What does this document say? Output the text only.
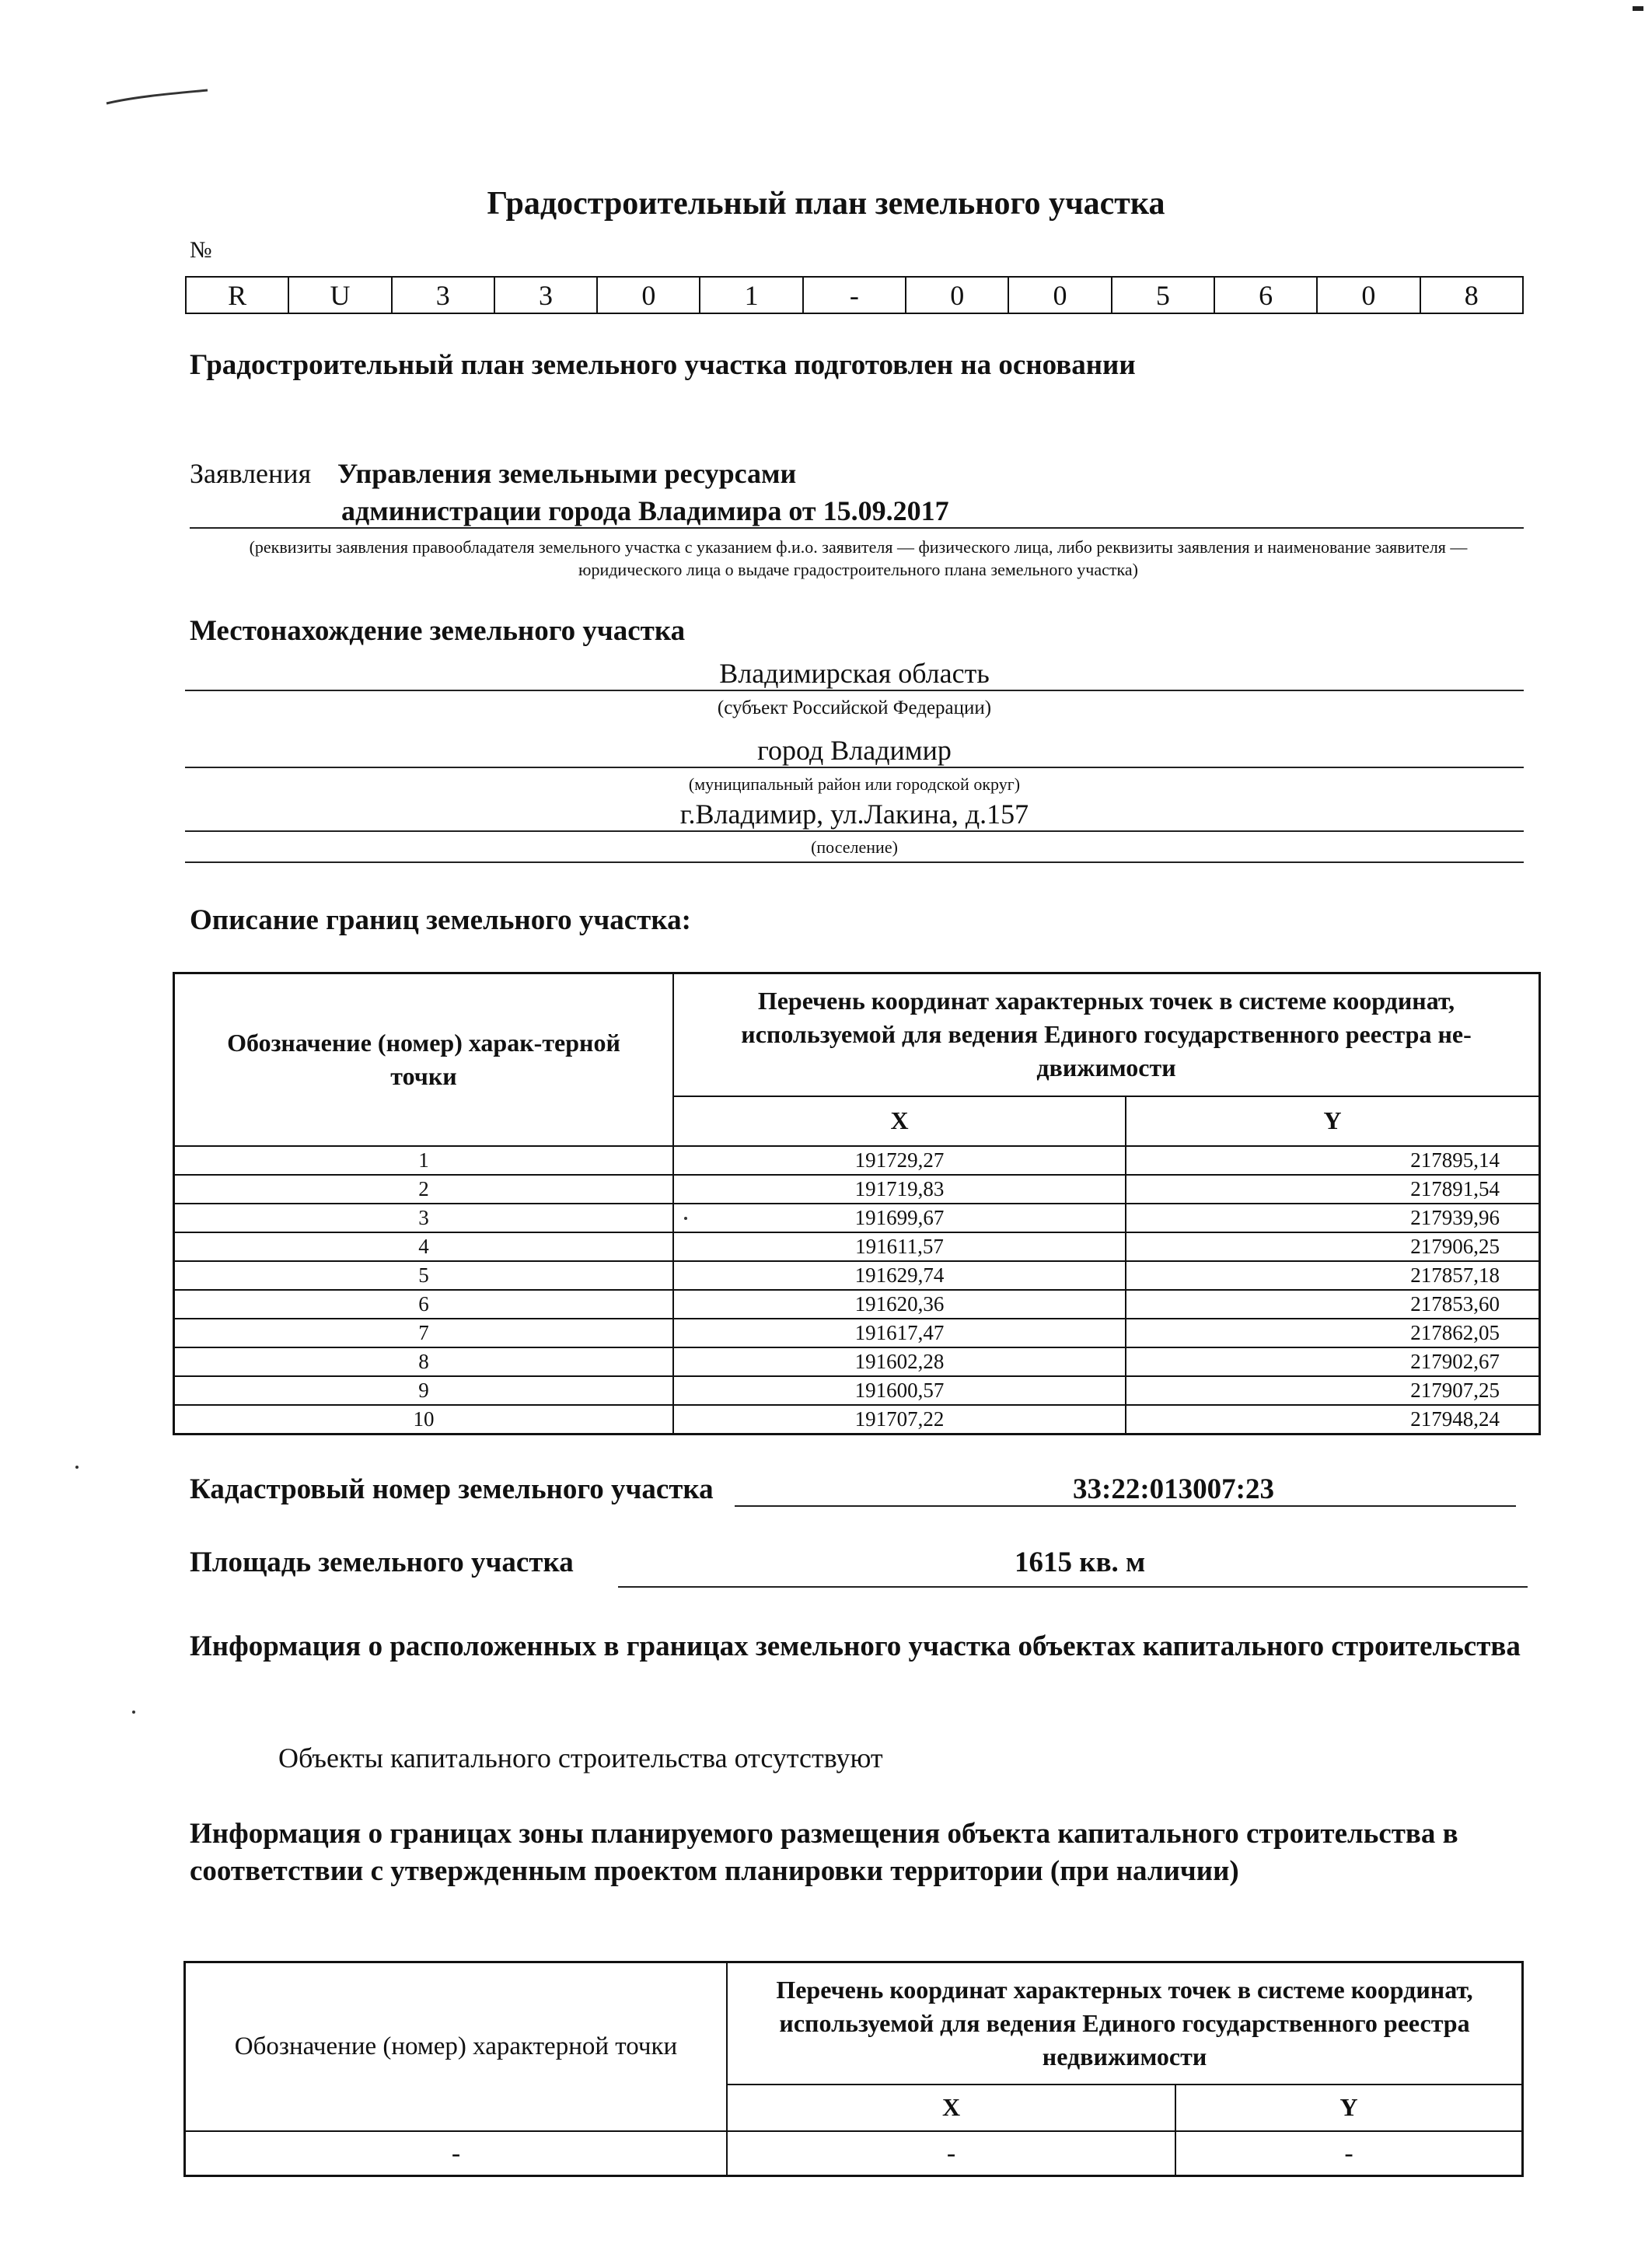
Градостроительный план земельного участка
№
R	U	3	3	0	1	-	0	0	5	6	0	8
Градостроительный план земельного участка подготовлен на основании
Заявления Управления земельными ресурсами
администрации города Владимира от 15.09.2017
(реквизиты заявления правообладателя земельного участка с указанием ф.и.о. заявителя — физического лица, либо реквизиты заявления и наименование заявителя — юридического лица о выдаче градостроительного плана земельного участка)
Местонахождение земельного участка
Владимирская область
(субъект Российской Федерации)
город Владимир
(муниципальный район или городской округ)
г.Владимир, ул.Лакина, д.157
(поселение)
Описание границ земельного участка:
Обозначение (номер) харак-терной точки	Перечень координат характерных точек в системе координат, используемой для ведения Единого государственного реестра не-движимости	
	X	Y
1	191729,27	217895,14
2	191719,83	217891,54
3	191699,67	217939,96
4	191611,57	217906,25
5	191629,74	217857,18
6	191620,36	217853,60
7	191617,47	217862,05
8	191602,28	217902,67
9	191600,57	217907,25
10	191707,22	217948,24
Кадастровый номер земельного участка	33:22:013007:23
Площадь земельного участка	1615 кв. м
Информация о расположенных в границах земельного участка объектах капитального строительства
Объекты капитального строительства отсутствуют
Информация о границах зоны планируемого размещения объекта капитального строительства в соответствии с утвержденным проектом планировки территории (при наличии)
Обозначение (номер) характерной точки	Перечень координат характерных точек в системе координат, используемой для ведения Единого государственного реестра недвижимости	
	X	Y
-	-	-
